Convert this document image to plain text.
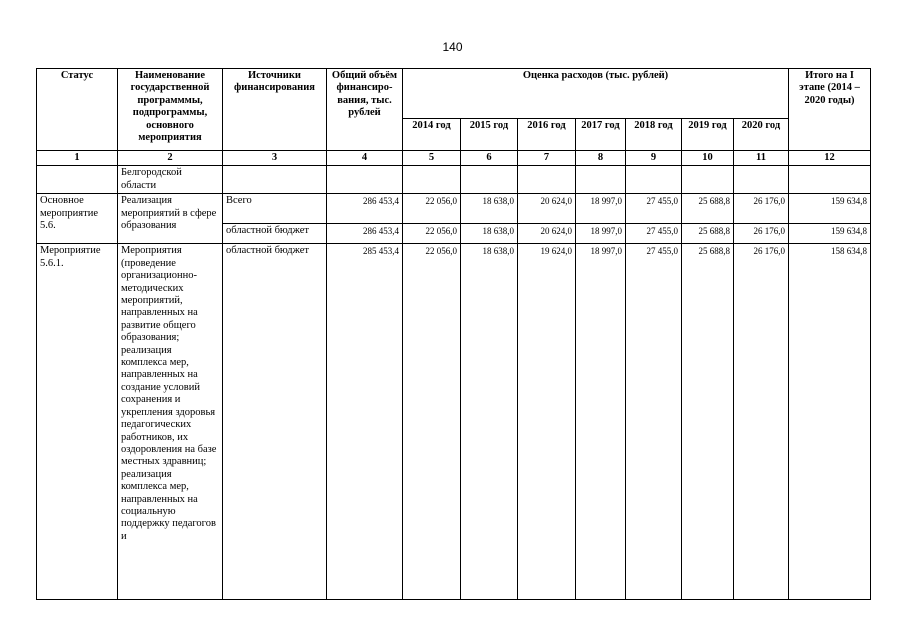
140
Статус	Наименование государственной программмы, подпрограммы, основного мероприятия	Источники финансирования	Общий объём финансиро-вания, тыс. рублей	Оценка расходов (тыс. рублей)							Итого на I этапе (2014 – 2020 годы)
				2014 год	2015 год	2016 год	2017 год	2018 год	2019 год	2020 год	
1	2	3	4	5	6	7	8	9	10	11	12
	Белгородской области										
Основное мероприятие 5.6.	Реализация мероприятий в сфере образования	Всего	286 453,4	22 056,0	18 638,0	20 624,0	18 997,0	27 455,0	25 688,8	26 176,0	159 634,8
		областной бюджет	286 453,4	22 056,0	18 638,0	20 624,0	18 997,0	27 455,0	25 688,8	26 176,0	159 634,8
Мероприятие 5.6.1.	Мероприятия (проведение организационно-методических мероприятий, направленных на развитие общего образования; реализация комплекса мер, направленных на создание условий сохранения и укрепления здоровья педагогических работников, их оздоровления на базе местных здравниц; реализация комплекса мер, направленных на социальную поддержку педагогов и	областной бюджет	285 453,4	22 056,0	18 638,0	19 624,0	18 997,0	27 455,0	25 688,8	26 176,0	158 634,8
